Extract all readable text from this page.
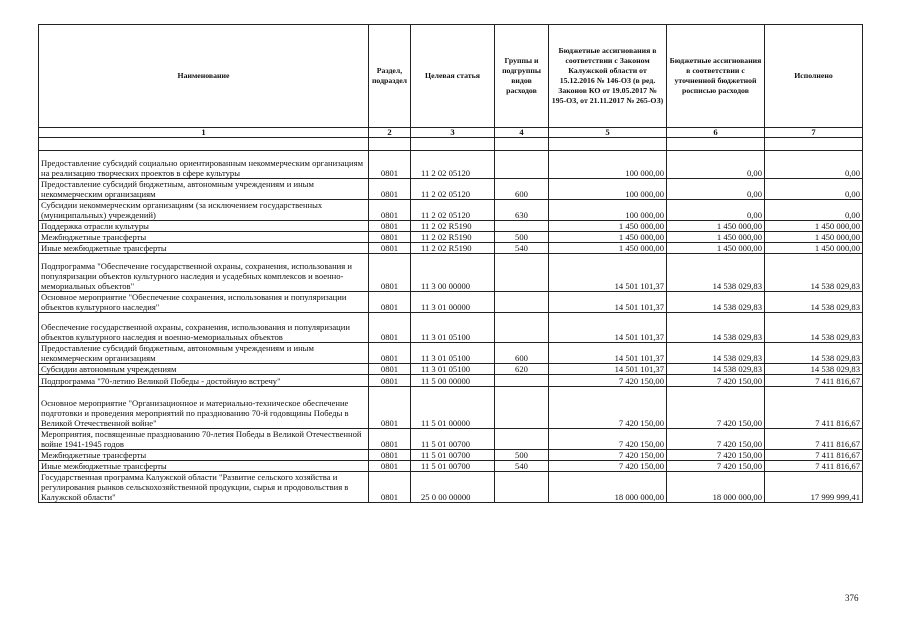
Наименование	Раздел, подраздел	Целевая статья	Группы и подгруппы видов расходов	Бюджетные ассигнования в соответствии с Законом Калужской области от 15.12.2016 № 146-ОЗ (в ред. Законов КО от 19.05.2017 № 195-ОЗ, от 21.11.2017 № 265-ОЗ)	Бюджетные ассигнования в соответствии с уточненной бюджетной росписью расходов	Исполнено
1	2	3	4	5	6	7

Предоставление субсидий социально ориентированным некоммерческим организациям на реализацию творческих проектов в сфере культуры	0801	11 2 02 05120		100 000,00	0,00	0,00
Предоставление субсидий бюджетным, автономным учреждениям и иным некоммерческим организациям	0801	11 2 02 05120	600	100 000,00	0,00	0,00
Субсидии некоммерческим организациям (за исключением государственных (муниципальных) учреждений)	0801	11 2 02 05120	630	100 000,00	0,00	0,00
Поддержка отрасли культуры	0801	11 2 02 R5190		1 450 000,00	1 450 000,00	1 450 000,00
Межбюджетные трансферты	0801	11 2 02 R5190	500	1 450 000,00	1 450 000,00	1 450 000,00
Иные межбюджетные трансферты	0801	11 2 02 R5190	540	1 450 000,00	1 450 000,00	1 450 000,00
Подпрограмма "Обеспечение государственной охраны, сохранения, использования и популяризации объектов культурного наследия и усадебных комплексов и военно-мемориальных объектов"	0801	11 3 00 00000		14 501 101,37	14 538 029,83	14 538 029,83
Основное мероприятие "Обеспечение сохранения, использования и популяризации объектов культурного наследия"	0801	11 3 01 00000		14 501 101,37	14 538 029,83	14 538 029,83
Обеспечение государственной охраны, сохранения, использования и популяризации объектов культурного наследия и военно-мемориальных объектов	0801	11 3 01 05100		14 501 101,37	14 538 029,83	14 538 029,83
Предоставление субсидий бюджетным, автономным учреждениям и иным некоммерческим организациям	0801	11 3 01 05100	600	14 501 101,37	14 538 029,83	14 538 029,83
Субсидии автономным учреждениям	0801	11 3 01 05100	620	14 501 101,37	14 538 029,83	14 538 029,83
Подпрограмма "70-летию Великой Победы - достойную встречу"	0801	11 5 00 00000		7 420 150,00	7 420 150,00	7 411 816,67
Основное мероприятие "Организационное и материально-техническое обеспечение подготовки и проведения мероприятий по празднованию 70-й годовщины Победы в Великой Отечественной войне"	0801	11 5 01 00000		7 420 150,00	7 420 150,00	7 411 816,67
Мероприятия, посвященные празднованию 70-летия Победы в Великой Отечественной войне 1941-1945 годов	0801	11 5 01 00700		7 420 150,00	7 420 150,00	7 411 816,67
Межбюджетные трансферты	0801	11 5 01 00700	500	7 420 150,00	7 420 150,00	7 411 816,67
Иные межбюджетные трансферты	0801	11 5 01 00700	540	7 420 150,00	7 420 150,00	7 411 816,67
Государственная программа Калужской области "Развитие сельского хозяйства и регулирования рынков сельскохозяйственной продукции, сырья и продовольствия в Калужской области"	0801	25 0 00 00000		18 000 000,00	18 000 000,00	17 999 999,41
376
